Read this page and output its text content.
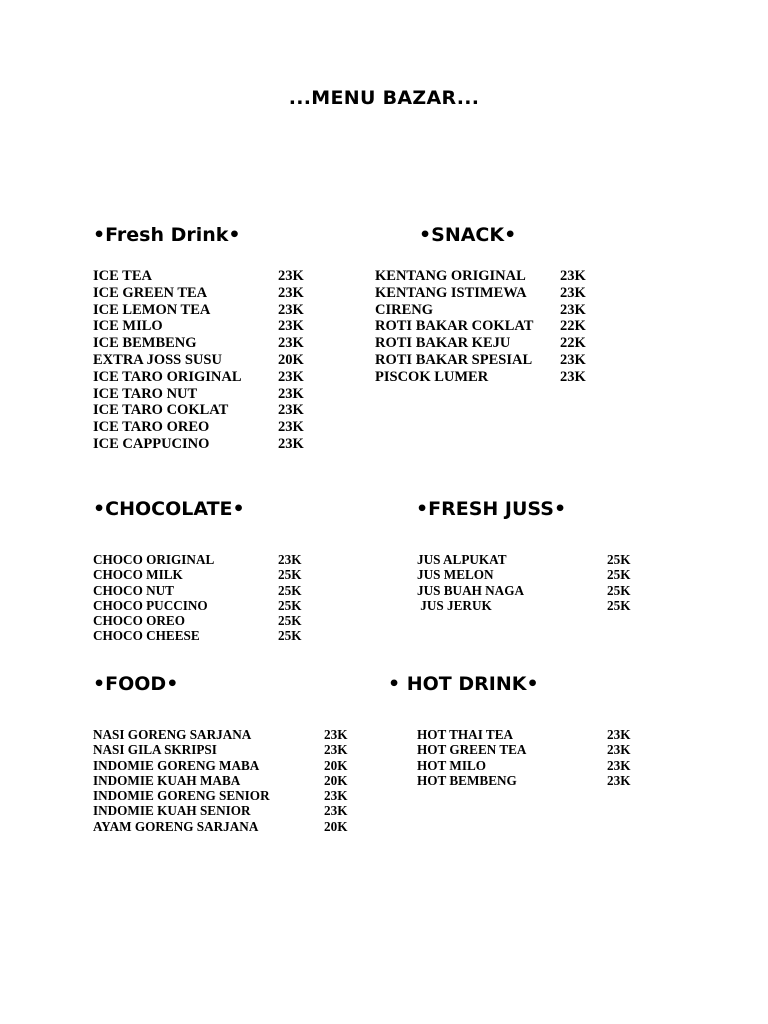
...MENU BAZAR...
•Fresh Drink•
ICE TEA	23K
ICE GREEN TEA	23K
ICE LEMON TEA	23K
ICE MILO	23K
ICE BEMBENG	23K
EXTRA JOSS SUSU	20K
ICE TARO ORIGINAL	23K
ICE TARO NUT	23K
ICE TARO COKLAT	23K
ICE TARO OREO	23K
ICE CAPPUCINO	23K
•SNACK•
KENTANG ORIGINAL 23K
KENTANG ISTIMEWA 23K
CIRENG	23K
ROTI BAKAR COKLAT 22K
ROTI BAKAR KEJU	22K
ROTI BAKAR SPESIAL 23K
PISCOK LUMER	23K
•CHOCOLATE•
CHOCO ORIGINAL	23K
CHOCO MILK	25K
CHOCO NUT	25K
CHOCO PUCCINO	25K
CHOCO OREO	25K
CHOCO CHEESE	25K
•FRESH JUSS•
JUS ALPUKAT	25K
JUS MELON	25K
JUS BUAH NAGA	25K
JUS JERUK	25K
•FOOD•
NASI GORENG SARJANA	23K
NASI GILA SKRIPSI	23K
INDOMIE GORENG MABA	20K
INDOMIE KUAH MABA	20K
INDOMIE GORENG SENIOR	23K
INDOMIE KUAH SENIOR	23K
AYAM GORENG SARJANA	20K
• HOT DRINK•
HOT THAI TEA	23K
HOT GREEN TEA	23K
HOT MILO	23K
HOT BEMBENG	23K
